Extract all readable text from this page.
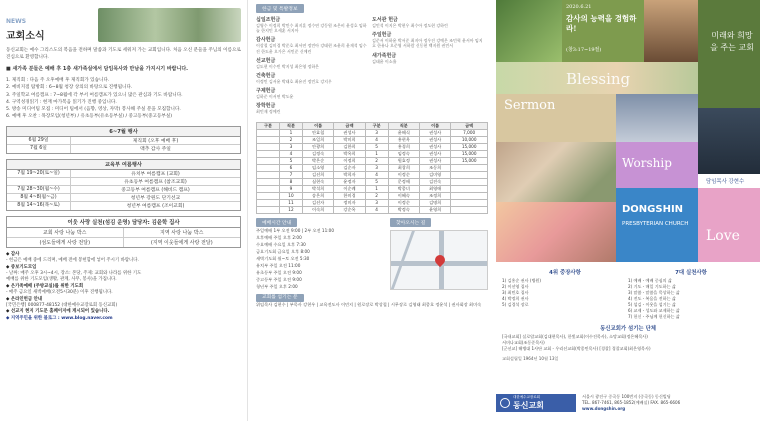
NEWS
교회소식

동신교회는 예수 그리스도의 복음을 전하며 말씀과 기도로 세워져 가는 교회입니다. 처음 오신 분들을 주님의 이름으로 진심으로 환영합니다.

■ 새가족 분들은 예배 후 1층 새가족실에서 담임목사와 만남을 가지시기 바랍니다.

1. 제직회 : 다음 주 오후예배 후 제직회가 있습니다.
2. 예비지점 탐방회 : 6~8월 청장 상의의 바탕으로 진행됩니다.
3. 주일학교 여름캠프 : 7~8월에 각 부서 여름캠프가 있으니 많은 관심과 기도 바랍니다.
4. 구역성경읽기 : 현재 마가복음 읽기가 진행 중입니다.
5. 방송 미디어팀 모집 : 미디어 팀에서 (음향, 영상, 자막) 봉사해 주실 분을 모집합니다.
6. 예배 후 오찬 : 목장모임(청년부) / 유초등부(유초등부실) / 중고등부(중고등부실)
6~7월 행사
6월 29일	제직회 (오후 예배 후)
7월 6일	맥추 감사 주일
교육부 여름행사
7월 19~20(토~일)	유치부 여름캠프 (교회)
유초등부 여름캠프 (참조교회)
7월 28~30(월~수)	중고등부 여름캠프 (해비드 캠프)
8월 4~8(월~금)	청년부 강원도 단기선교
8월 14~16(목~토)	청년부 여름캠프 (조이교회)
이웃 사랑 실천(섬김 운영) 담당자: 김윤학 집사
교회 사랑 나눔 박스	지역 사랑 나눔 박스
(섬도들에게 사랑 전달)	(지역 이웃들에게 사랑 전달)
◆ 감사
- 헌금은 예배 중에 드리며, 예배 전에 봉헌함에 넣어 주시기 바랍니다.
◆ 중보기도모임
- 날짜: 매주 오후 3시~4시, 장소: 본당, 주제: 교회와 나라를 위한 기도
예배를 위한 기도모임(생활, 관계, 사무, 봉사)을 가집니다.
◆ 은가족예배 (주방교실)를 위한 기도회
- 매주 금요일 새벽예배(오전5시30분) 이후 진행됩니다.
◆ 온라인헌금 안내
[국민은행] 000877-48152 (대한예수교장로회 동신교회)
◆ 선교지 현지 기도문 홈페이지에 게시되어 있습니다.
◆ 지역주민을 위한 블로그 : www.blog.naver.com
한금 및 특발정보
십일조헌금
김영수 이정희 박민수 최지훈 정수연 강동원 조은비 윤성호 임하늘 한지민 오세훈 서지아
감사헌금
이상철 김미경 박준호 최서연 정민아 강태현 조윤희 윤재석 임수진 한도윤 오가은 서민준 신예린
선교헌금
김도현 이수빈 박지성 최은영 정하은
건축헌금
이정민 김서윤 박태호 최유진 정민호 강지우
구제헌금
김하준 이서연 박도윤
장학헌금
최민재 정예린
도서관 헌금
김민석 이지은 박현우 최수아 정도현 강하린
주일헌금
김준서 이하윤 박서준 최지아 정우진 강예은 조민혁 윤서아 임지호 한유나 오준영 서하람 신동현 백지원 권민서
새가족헌금
김태윤 이소율
구분	직분	이름	금액	구분	직분	이름	금액
	1	안효철	권성사	3	윤해식	권성사	7,000
	2	조일희	박미희	4	홍현옥	권성사	10,000
	3	안광희	김한희	5	홍경희	권성사	15,000
	4	김정숙	박옥희	1	임정숙	권성사	15,000
	5	박은순	이정희	2	원효정	권성사	15,000
	6	임소영	김순자	3	최창희	조동희	
	7	김선희	박희자	4	이정순	김미영	
	8	심현숙	윤정자	5	문정애	김진숙	
	9	박석희	이순례	1	박종녀	최영애	
	10	송은희	한미경	2	이혜숙	조정희	
	11	김선자	정미자	3	이정순	김명희	
	12	이숙희	강순옥	4	박정숙	윤영희	
예배시간 안내
주일예배 1부 오전 9:00 | 2부 오전 11:00
오후예배 주일 오후 2:00
수요예배 수요일 오후 7:30
금요기도회 금요일 오후 8:00
새벽기도회 월~토 오전 5:30
유치부 주일 오전 11:00
유초등부 주일 오전 9:00
중고등부 주일 오전 9:00
청년부 주일 오후 2:00
찾아오시는 길
교회를 섬기는 분
위임목사 김현수 | 부목사 강현우 | 교육전도사 이민지 | 원로장로 박상철 | 시무장로 김영태 최종호 정윤석 | 권사회장 최미숙
2020.6.21
감사의 능력을 경험하라!
(창3:17~19절)
미래와 희망을 주는 교회
Blessing
Sermon
Worship
담임목사 강현수
DONGSHIN
PRESBYTERIAN CHURCH
Love
4위 중장사항
1) 김홍순 권사 (병원)
2) 이선영 집사
3) 최민호 집사
4) 박정희 권사
5) 김경석 장로
7대 실천사항
1) 예배 - 예배 중심의 삶
2) 기도 - 매일 기도하는 삶
3) 말씀 - 말씀을 묵상하는 삶
4) 전도 - 복음을 전하는 삶
5) 섬김 - 이웃을 섬기는 삶
6) 교제 - 성도와 교제하는 삶
7) 헌신 - 주님께 헌신하는 삶
동신교회가 섬기는 단체
[국내교회] 실로암교회(김대현목사), 한빛교회(이수진목사), 소망교회(정은혜목사)
서머나교회(조동준목사)
[군선교] 해병대 1사단 교회 - 우리선교회(박종민목사) [경찰] 경찰교회(최은영목사)
교회설립일 1964년 10월 13일
대한예수교장로회
동신교회
서울시 광진구 중곡동 100번지 (중곡동) 동신빌딩
TEL. 867-7461, 865-1852(예배실) FAX. 865-6606
www.dongshin.org
